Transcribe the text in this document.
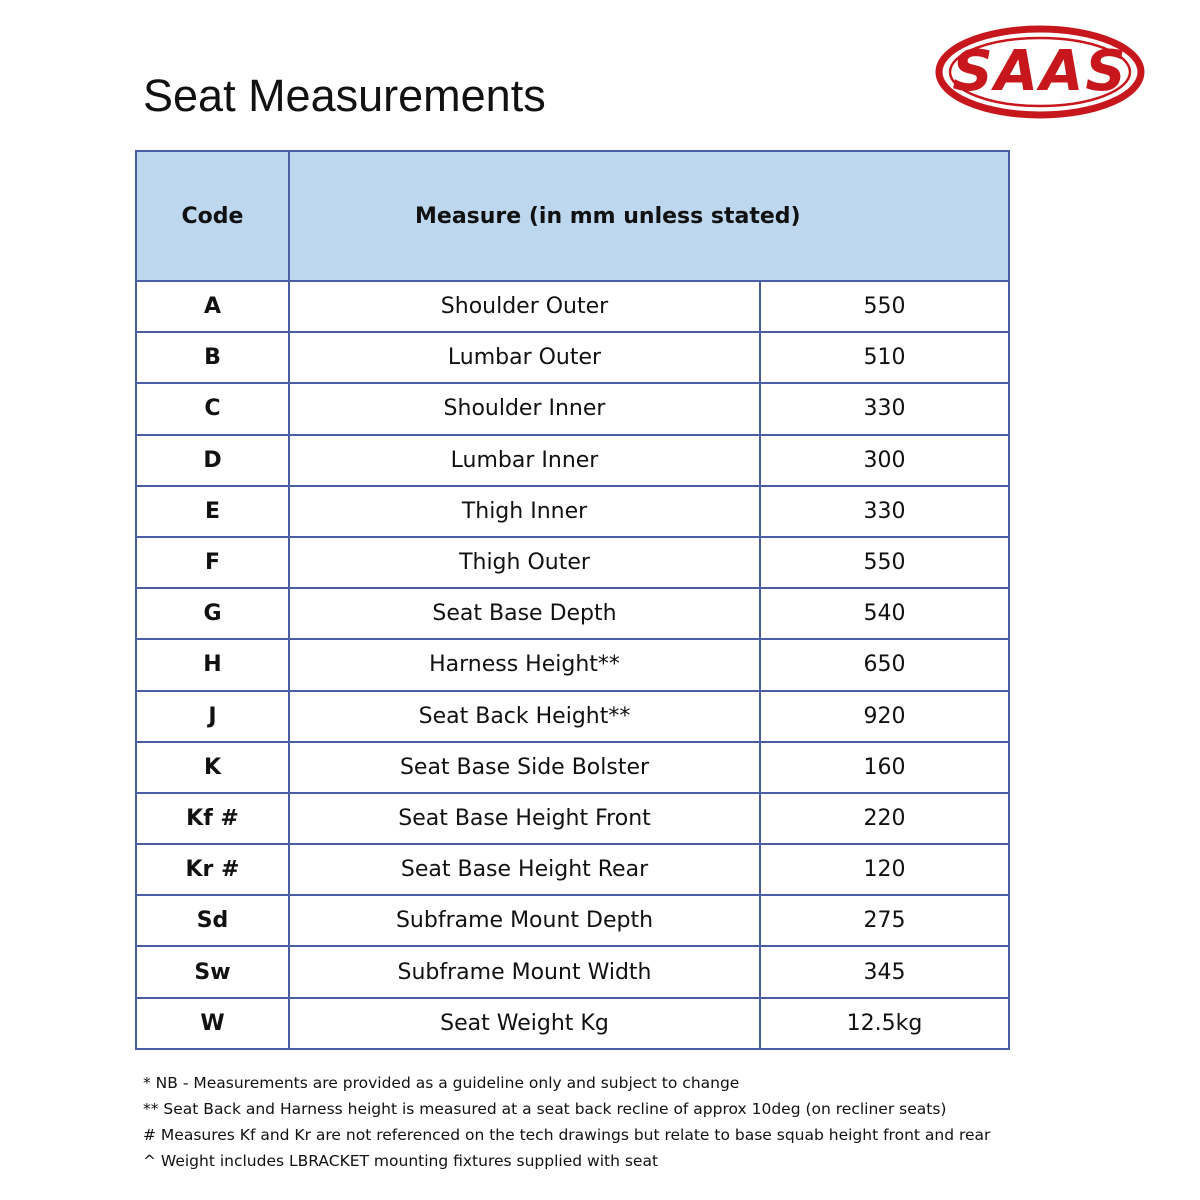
Seat Measurements	SAAS
Code	Measure (in mm unless stated)	
A	Shoulder Outer	550
B	Lumbar Outer	510
C	Shoulder Inner	330
D	Lumbar Inner	300
E	Thigh Inner	330
F	Thigh Outer	550
G	Seat Base Depth	540
H	Harness Height**	650
J	Seat Back Height**	920
K	Seat Base Side Bolster	160
Kf #	Seat Base Height Front	220
Kr #	Seat Base Height Rear	120
Sd	Subframe Mount Depth	275
Sw	Subframe Mount Width	345
W	Seat Weight Kg	12.5kg
* NB - Measurements are provided as a guideline only and subject to change
** Seat Back and Harness height is measured at a seat back recline of approx 10deg (on recliner seats)
# Measures Kf and Kr are not referenced on the tech drawings but relate to base squab height front and rear
^ Weight includes LBRACKET mounting fixtures supplied with seat
